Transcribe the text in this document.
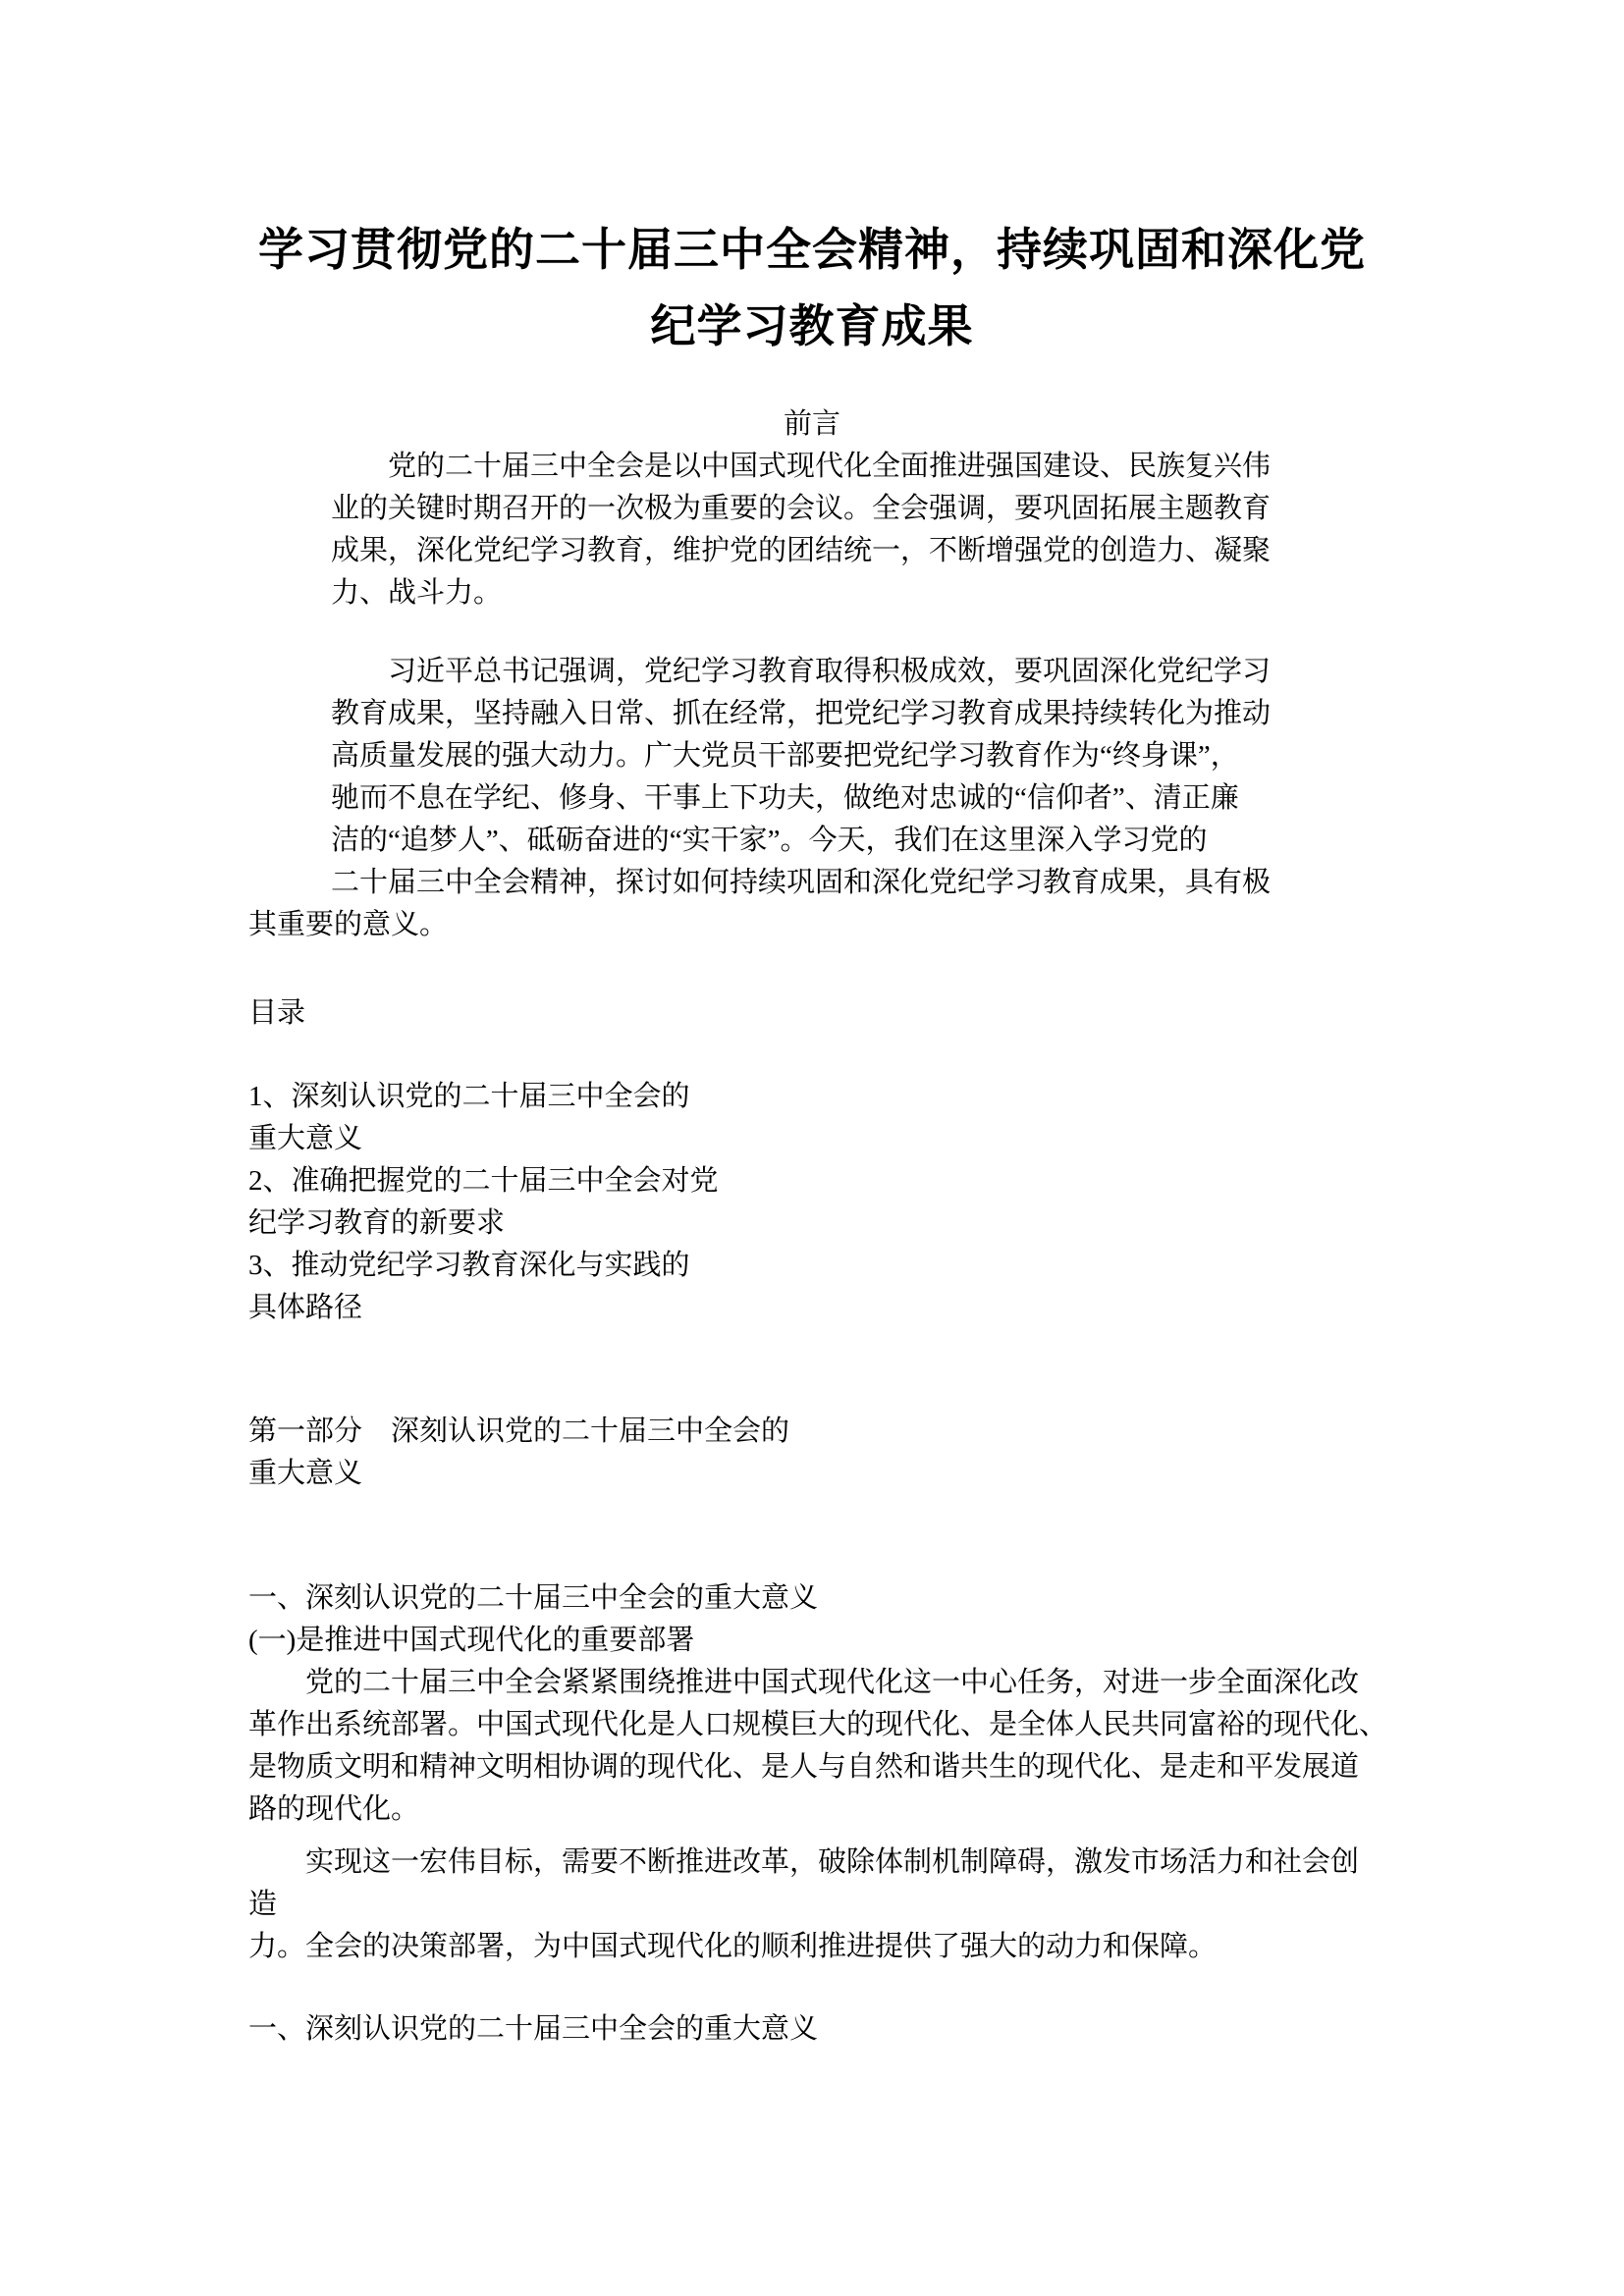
学习贯彻党的二十届三中全会精神，持续巩固和深化党
纪学习教育成果
前言
党的二十届三中全会是以中国式现代化全面推进强国建设、民族复兴伟
业的关键时期召开的一次极为重要的会议。全会强调，要巩固拓展主题教育
成果，深化党纪学习教育，维护党的团结统一，不断增强党的创造力、凝聚
力、战斗力。
习近平总书记强调，党纪学习教育取得积极成效，要巩固深化党纪学习
教育成果，坚持融入日常、抓在经常，把党纪学习教育成果持续转化为推动
高质量发展的强大动力。广大党员干部要把党纪学习教育作为“终身课”，
驰而不息在学纪、修身、干事上下功夫，做绝对忠诚的“信仰者”、清正廉
洁的“追梦人”、砥砺奋进的“实干家”。今天，我们在这里深入学习党的
二十届三中全会精神，探讨如何持续巩固和深化党纪学习教育成果，具有极
其重要的意义。
目录
1、深刻认识党的二十届三中全会的
重大意义
2、准确把握党的二十届三中全会对党
纪学习教育的新要求
3、推动党纪学习教育深化与实践的
具体路径
第一部分　深刻认识党的二十届三中全会的
重大意义
一、深刻认识党的二十届三中全会的重大意义
(一)是推进中国式现代化的重要部署
党的二十届三中全会紧紧围绕推进中国式现代化这一中心任务，对进一步全面深化改
革作出系统部署。中国式现代化是人口规模巨大的现代化、是全体人民共同富裕的现代化、
是物质文明和精神文明相协调的现代化、是人与自然和谐共生的现代化、是走和平发展道
路的现代化。
实现这一宏伟目标，需要不断推进改革，破除体制机制障碍，激发市场活力和社会创
造
力。全会的决策部署，为中国式现代化的顺利推进提供了强大的动力和保障。
一、深刻认识党的二十届三中全会的重大意义
